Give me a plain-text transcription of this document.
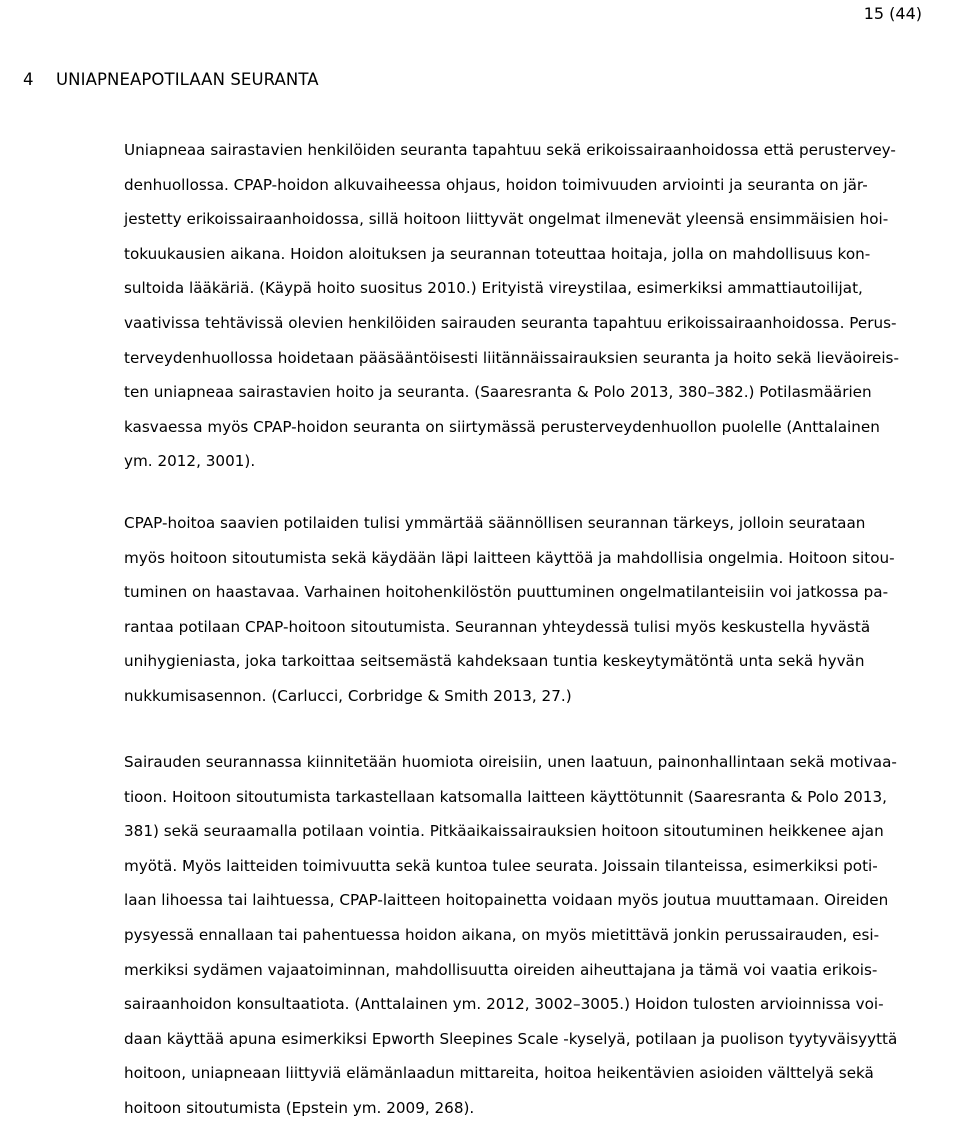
15 (44)
4 UNIAPNEAPOTILAAN SEURANTA
Uniapneaa sairastavien henkilöiden seuranta tapahtuu sekä erikoissairaanhoidossa että perustervey-
denhuollossa. CPAP-hoidon alkuvaiheessa ohjaus, hoidon toimivuuden arviointi ja seuranta on jär-
jestetty erikoissairaanhoidossa, sillä hoitoon liittyvät ongelmat ilmenevät yleensä ensimmäisien hoi-
tokuukausien aikana. Hoidon aloituksen ja seurannan toteuttaa hoitaja, jolla on mahdollisuus kon-
sultoida lääkäriä. (Käypä hoito suositus 2010.) Erityistä vireystilaa, esimerkiksi ammattiautoilijat,
vaativissa tehtävissä olevien henkilöiden sairauden seuranta tapahtuu erikoissairaanhoidossa. Perus-
terveydenhuollossa hoidetaan pääsääntöisesti liitännäissairauksien seuranta ja hoito sekä lieväoireis-
ten uniapneaa sairastavien hoito ja seuranta. (Saaresranta & Polo 2013, 380–382.) Potilasmäärien
kasvaessa myös CPAP-hoidon seuranta on siirtymässä perusterveydenhuollon puolelle (Anttalainen
ym. 2012, 3001).
CPAP-hoitoa saavien potilaiden tulisi ymmärtää säännöllisen seurannan tärkeys, jolloin seurataan
myös hoitoon sitoutumista sekä käydään läpi laitteen käyttöä ja mahdollisia ongelmia. Hoitoon sitou-
tuminen on haastavaa. Varhainen hoitohenkilöstön puuttuminen ongelmatilanteisiin voi jatkossa pa-
rantaa potilaan CPAP-hoitoon sitoutumista. Seurannan yhteydessä tulisi myös keskustella hyvästä
unihygieniasta, joka tarkoittaa seitsemästä kahdeksaan tuntia keskeytymätöntä unta sekä hyvän
nukkumisasennon. (Carlucci, Corbridge & Smith 2013, 27.)
Sairauden seurannassa kiinnitetään huomiota oireisiin, unen laatuun, painonhallintaan sekä motivaa-
tioon. Hoitoon sitoutumista tarkastellaan katsomalla laitteen käyttötunnit (Saaresranta & Polo 2013,
381) sekä seuraamalla potilaan vointia. Pitkäaikaissairauksien hoitoon sitoutuminen heikkenee ajan
myötä. Myös laitteiden toimivuutta sekä kuntoa tulee seurata. Joissain tilanteissa, esimerkiksi poti-
laan lihoessa tai laihtuessa, CPAP-laitteen hoitopainetta voidaan myös joutua muuttamaan. Oireiden
pysyessä ennallaan tai pahentuessa hoidon aikana, on myös mietittävä jonkin perussairauden, esi-
merkiksi sydämen vajaatoiminnan, mahdollisuutta oireiden aiheuttajana ja tämä voi vaatia erikois-
sairaanhoidon konsultaatiota. (Anttalainen ym. 2012, 3002–3005.) Hoidon tulosten arvioinnissa voi-
daan käyttää apuna esimerkiksi Epworth Sleepines Scale -kyselyä, potilaan ja puolison tyytyväisyyttä
hoitoon, uniapneaan liittyviä elämänlaadun mittareita, hoitoa heikentävien asioiden välttelyä sekä
hoitoon sitoutumista (Epstein ym. 2009, 268).
